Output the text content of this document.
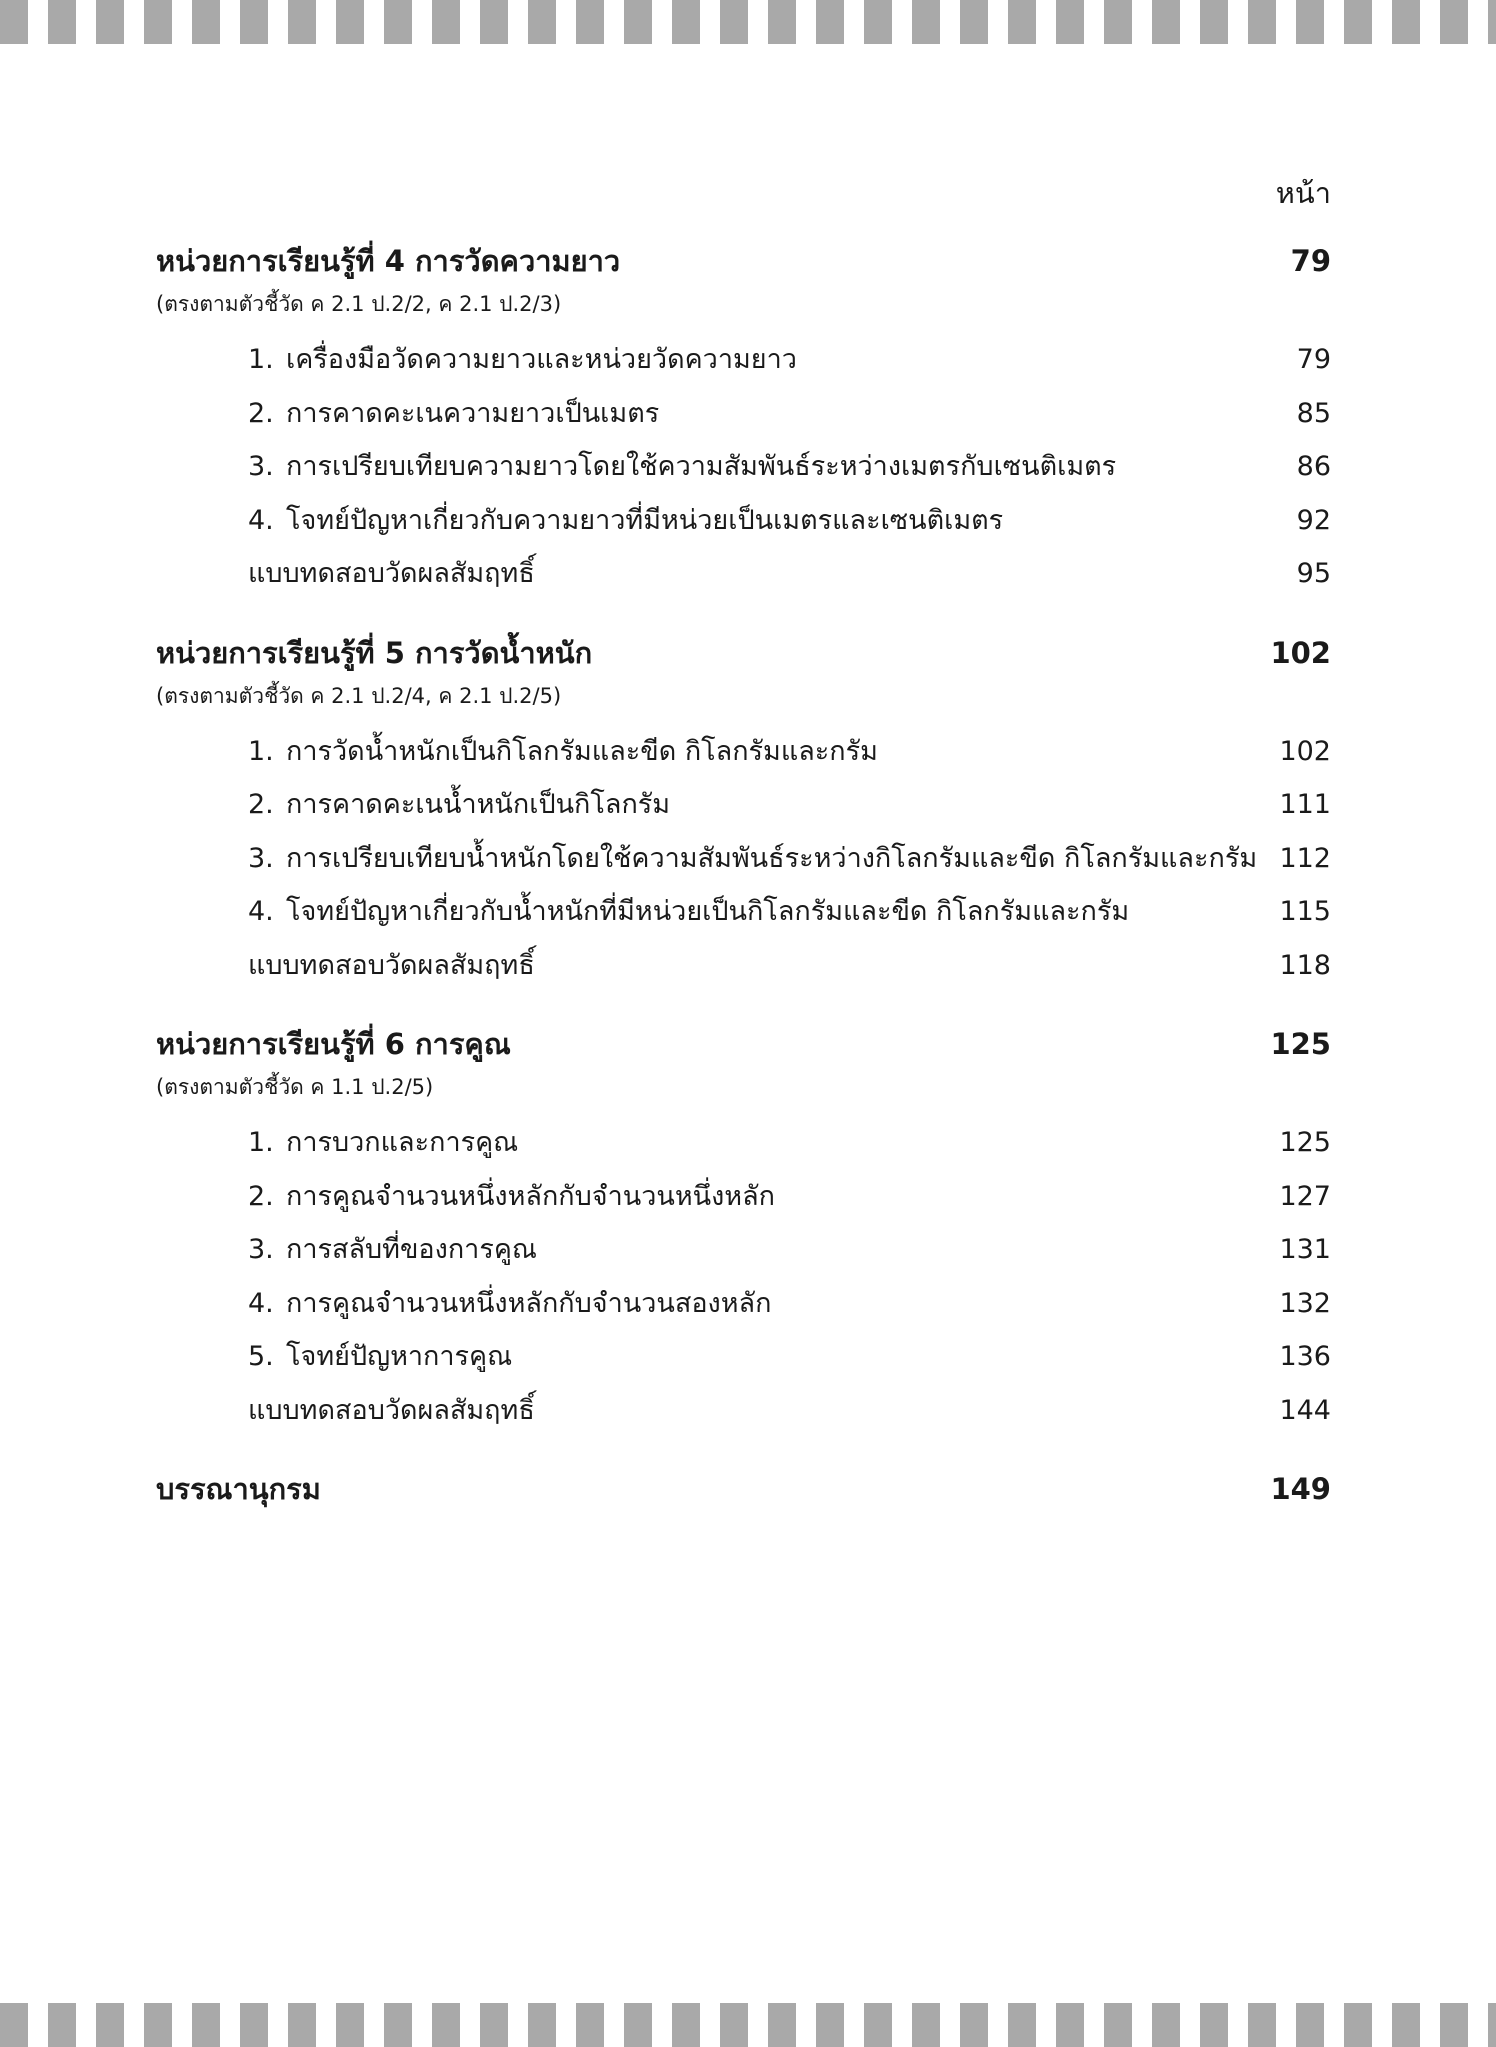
หน้า
หน่วยการเรียนรู้ที่ 4 การวัดความยาว	79
(ตรงตามตัวชี้วัด ค 2.1 ป.2/2, ค 2.1 ป.2/3)
1. เครื่องมือวัดความยาวและหน่วยวัดความยาว	79
2. การคาดคะเนความยาวเป็นเมตร	85
3. การเปรียบเทียบความยาวโดยใช้ความสัมพันธ์ระหว่างเมตรกับเซนติเมตร	86
4. โจทย์ปัญหาเกี่ยวกับความยาวที่มีหน่วยเป็นเมตรและเซนติเมตร	92
แบบทดสอบวัดผลสัมฤทธิ์	95
หน่วยการเรียนรู้ที่ 5 การวัดน้ำหนัก	102
(ตรงตามตัวชี้วัด ค 2.1 ป.2/4, ค 2.1 ป.2/5)
1. การวัดน้ำหนักเป็นกิโลกรัมและขีด กิโลกรัมและกรัม	102
2. การคาดคะเนน้ำหนักเป็นกิโลกรัม	111
3. การเปรียบเทียบน้ำหนักโดยใช้ความสัมพันธ์ระหว่างกิโลกรัมและขีด กิโลกรัมและกรัม 112
4. โจทย์ปัญหาเกี่ยวกับน้ำหนักที่มีหน่วยเป็นกิโลกรัมและขีด กิโลกรัมและกรัม	115
แบบทดสอบวัดผลสัมฤทธิ์	118
หน่วยการเรียนรู้ที่ 6 การคูณ	125
(ตรงตามตัวชี้วัด ค 1.1 ป.2/5)
1. การบวกและการคูณ	125
2. การคูณจำนวนหนึ่งหลักกับจำนวนหนึ่งหลัก	127
3. การสลับที่ของการคูณ	131
4. การคูณจำนวนหนึ่งหลักกับจำนวนสองหลัก	132
5. โจทย์ปัญหาการคูณ	136
แบบทดสอบวัดผลสัมฤทธิ์	144
บรรณานุกรม	149
